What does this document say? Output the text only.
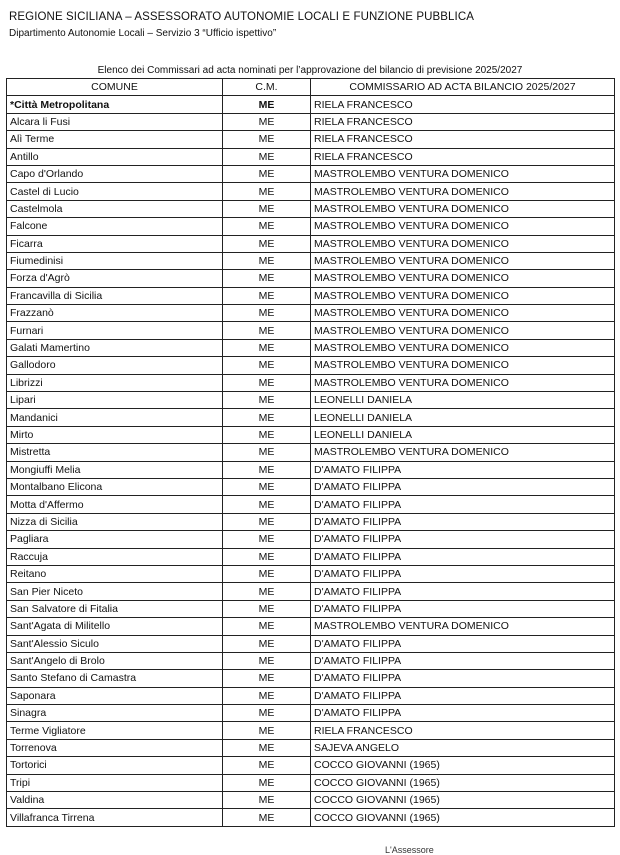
REGIONE SICILIANA – ASSESSORATO AUTONOMIE LOCALI E FUNZIONE PUBBLICA
Dipartimento Autonomie Locali – Servizio 3 “Ufficio ispettivo”
Elenco dei Commissari ad acta nominati per l’approvazione del bilancio di previsione 2025/2027
COMUNE	C.M.	COMMISSARIO AD ACTA BILANCIO 2025/2027
*Città Metropolitana	ME	RIELA FRANCESCO
Alcara li Fusi	ME	RIELA FRANCESCO
Alì Terme	ME	RIELA FRANCESCO
Antillo	ME	RIELA FRANCESCO
Capo d'Orlando	ME	MASTROLEMBO VENTURA DOMENICO
Castel di Lucio	ME	MASTROLEMBO VENTURA DOMENICO
Castelmola	ME	MASTROLEMBO VENTURA DOMENICO
Falcone	ME	MASTROLEMBO VENTURA DOMENICO
Ficarra	ME	MASTROLEMBO VENTURA DOMENICO
Fiumedinisi	ME	MASTROLEMBO VENTURA DOMENICO
Forza d'Agrò	ME	MASTROLEMBO VENTURA DOMENICO
Francavilla di Sicilia	ME	MASTROLEMBO VENTURA DOMENICO
Frazzanò	ME	MASTROLEMBO VENTURA DOMENICO
Furnari	ME	MASTROLEMBO VENTURA DOMENICO
Galati Mamertino	ME	MASTROLEMBO VENTURA DOMENICO
Gallodoro	ME	MASTROLEMBO VENTURA DOMENICO
Librizzi	ME	MASTROLEMBO VENTURA DOMENICO
Lipari	ME	LEONELLI DANIELA
Mandanici	ME	LEONELLI DANIELA
Mirto	ME	LEONELLI DANIELA
Mistretta	ME	MASTROLEMBO VENTURA DOMENICO
Mongiuffi Melia	ME	D'AMATO FILIPPA
Montalbano Elicona	ME	D'AMATO FILIPPA
Motta d'Affermo	ME	D'AMATO FILIPPA
Nizza di Sicilia	ME	D'AMATO FILIPPA
Pagliara	ME	D'AMATO FILIPPA
Raccuja	ME	D'AMATO FILIPPA
Reitano	ME	D'AMATO FILIPPA
San Pier Niceto	ME	D'AMATO FILIPPA
San Salvatore di Fitalia	ME	D'AMATO FILIPPA
Sant'Agata di Militello	ME	MASTROLEMBO VENTURA DOMENICO
Sant'Alessio Siculo	ME	D'AMATO FILIPPA
Sant'Angelo di Brolo	ME	D'AMATO FILIPPA
Santo Stefano di Camastra	ME	D'AMATO FILIPPA
Saponara	ME	D'AMATO FILIPPA
Sinagra	ME	D'AMATO FILIPPA
Terme Vigliatore	ME	RIELA FRANCESCO
Torrenova	ME	SAJEVA ANGELO
Tortorici	ME	COCCO GIOVANNI (1965)
Tripi	ME	COCCO GIOVANNI (1965)
Valdina	ME	COCCO GIOVANNI (1965)
Villafranca Tirrena	ME	COCCO GIOVANNI (1965)
L'Assessore
